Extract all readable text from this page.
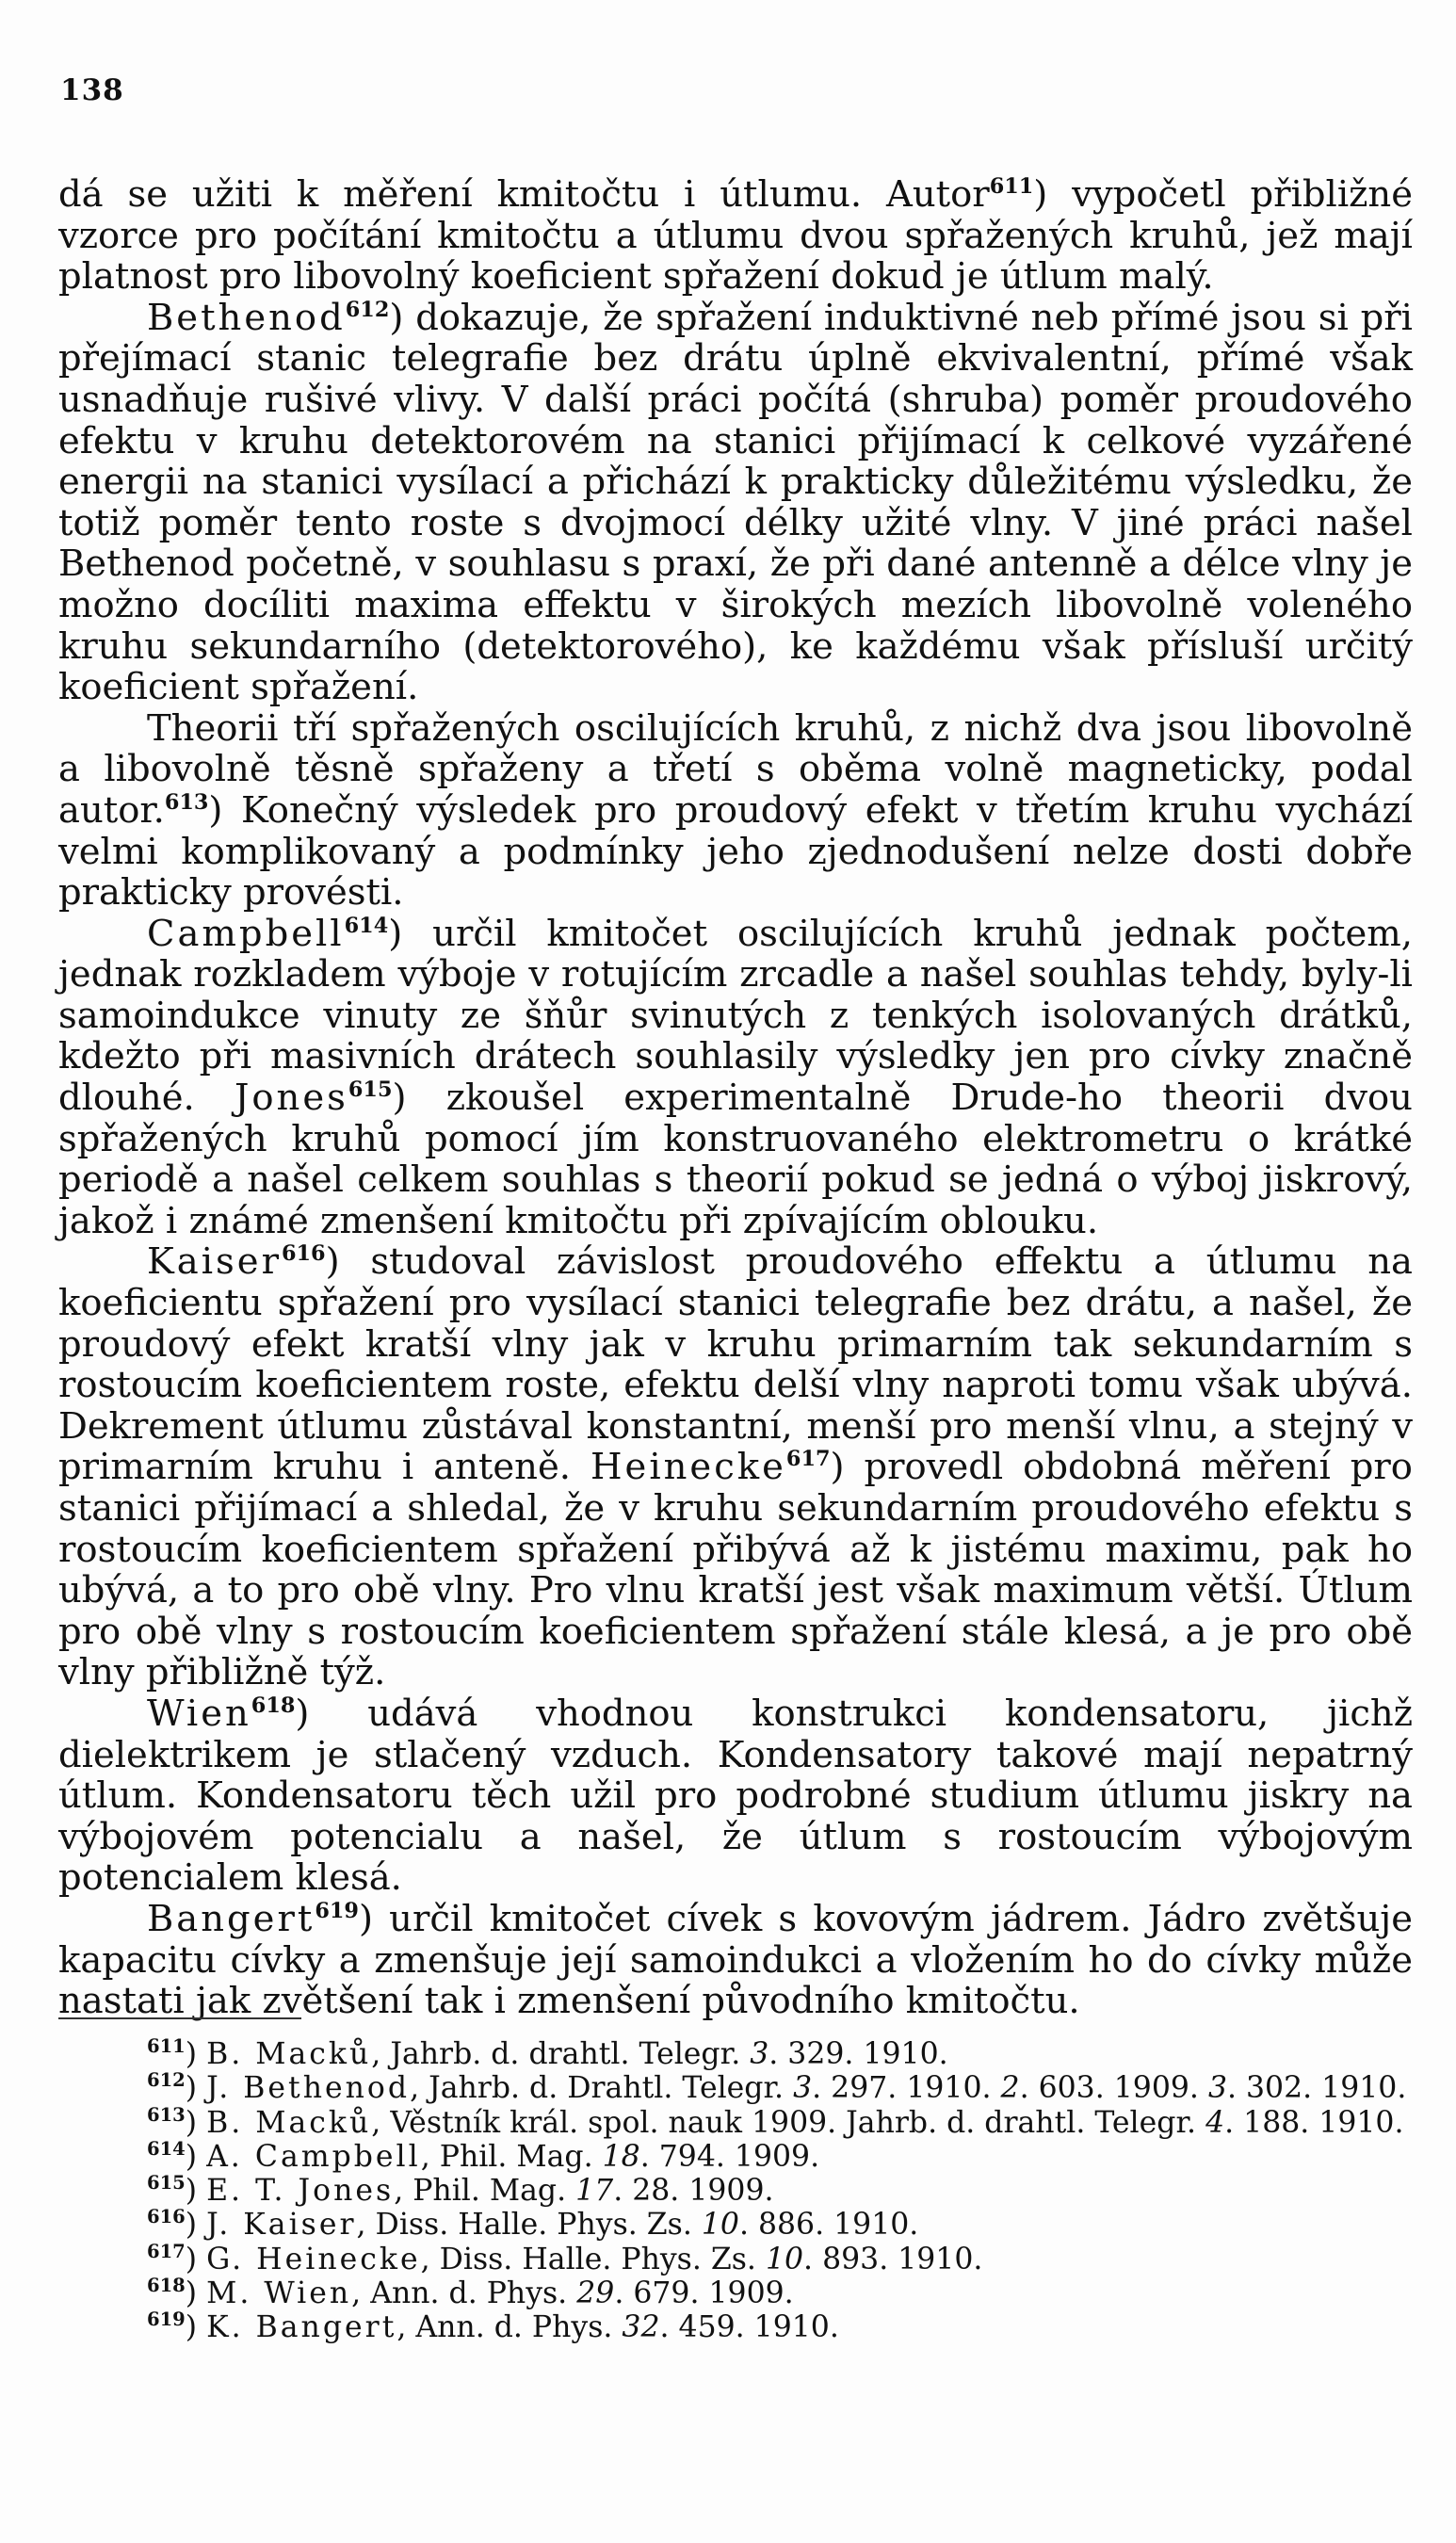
138

dá se užiti k měření kmitočtu i útlumu. Autor$^{611}$) vypočetl přibližné vzorce pro počítání kmitočtu a útlumu dvou spřažených kruhů, jež mají platnost pro libovolný koeficient spřažení dokud je útlum malý.

Bethenod$^{612}$) dokazuje, že spřažení induktivné neb přímé jsou si při přejímací stanic telegrafie bez drátu úplně ekvivalentní, přímé však usnadňuje rušivé vlivy. V další práci počítá (shruba) poměr proudového efektu v kruhu detektorovém na stanici přijímací k celkové vyzářené energii na stanici vysílací a přichází k prakticky důležitému výsledku, že totiž poměr tento roste s dvojmocí délky užité vlny. V jiné práci našel Bethenod početně, v souhlasu s praxí, že při dané antenně a délce vlny je možno docíliti maxima effektu v širokých mezích libovolně voleného kruhu sekundarního (detektorového), ke každému však přísluší určitý koeficient spřažení.

Theorii tří spřažených oscilujících kruhů, z nichž dva jsou libovolně a libovolně těsně spřaženy a třetí s oběma volně magneticky, podal autor.$^{613}$) Konečný výsledek pro proudový efekt v třetím kruhu vychází velmi komplikovaný a podmínky jeho zjednodušení nelze dosti dobře prakticky provésti.

Campbell$^{614}$) určil kmitočet oscilujících kruhů jednak počtem, jednak rozkladem výboje v rotujícím zrcadle a našel souhlas tehdy, byly-li samoindukce vinuty ze šňůr svinutých z tenkých isolovaných drátků, kdežto při masivních drátech souhlasily výsledky jen pro cívky značně dlouhé. Jones$^{615}$) zkoušel experimentalně Drude-ho theorii dvou spřažených kruhů pomocí jím konstruovaného elektrometru o krátké periodě a našel celkem souhlas s theorií pokud se jedná o výboj jiskrový, jakož i známé zmenšení kmitočtu při zpívajícím oblouku.

Kaiser$^{616}$) studoval závislost proudového effektu a útlumu na koeficientu spřažení pro vysílací stanici telegrafie bez drátu, a našel, že proudový efekt kratší vlny jak v kruhu primarním tak sekundarním s rostoucím koeficientem roste, efektu delší vlny naproti tomu však ubývá. Dekrement útlumu zůstával konstantní, menší pro menší vlnu, a stejný v primarním kruhu i anteně. Heinecke$^{617}$) provedl obdobná měření pro stanici přijímací a shledal, že v kruhu sekundarním proudového efektu s rostoucím koeficientem spřažení přibývá až k jistému maximu, pak ho ubývá, a to pro obě vlny. Pro vlnu kratší jest však maximum větší. Útlum pro obě vlny s rostoucím koeficientem spřažení stále klesá, a je pro obě vlny přibližně týž.

Wien$^{618}$) udává vhodnou konstrukci kondensatoru, jichž dielektrikem je stlačený vzduch. Kondensatory takové mají nepatrný útlum. Kondensatoru těch užil pro podrobné studium útlumu jiskry na výbojovém potencialu a našel, že útlum s rostoucím výbojovým potencialem klesá.

Bangert$^{619}$) určil kmitočet cívek s kovovým jádrem. Jádro zvětšuje kapacitu cívky a zmenšuje její samoindukci a vložením ho do cívky může nastati jak zvětšení tak i zmenšení původního kmitočtu.

$^{611}$) B. Macků, Jahrb. d. drahtl. Telegr. 3. 329. 1910.

$^{612}$) J. Bethenod, Jahrb. d. Drahtl. Telegr. 3. 297. 1910. 2. 603. 1909. 3. 302. 1910.

$^{613}$) B. Macků, Věstník král. spol. nauk 1909. Jahrb. d. drahtl. Telegr. 4. 188. 1910.

$^{614}$) A. Campbell, Phil. Mag. 18. 794. 1909.

$^{615}$) E. T. Jones, Phil. Mag. 17. 28. 1909.

$^{616}$) J. Kaiser, Diss. Halle. Phys. Zs. 10. 886. 1910.

$^{617}$) G. Heinecke, Diss. Halle. Phys. Zs. 10. 893. 1910.

$^{618}$) M. Wien, Ann. d. Phys. 29. 679. 1909.

$^{619}$) K. Bangert, Ann. d. Phys. 32. 459. 1910.
